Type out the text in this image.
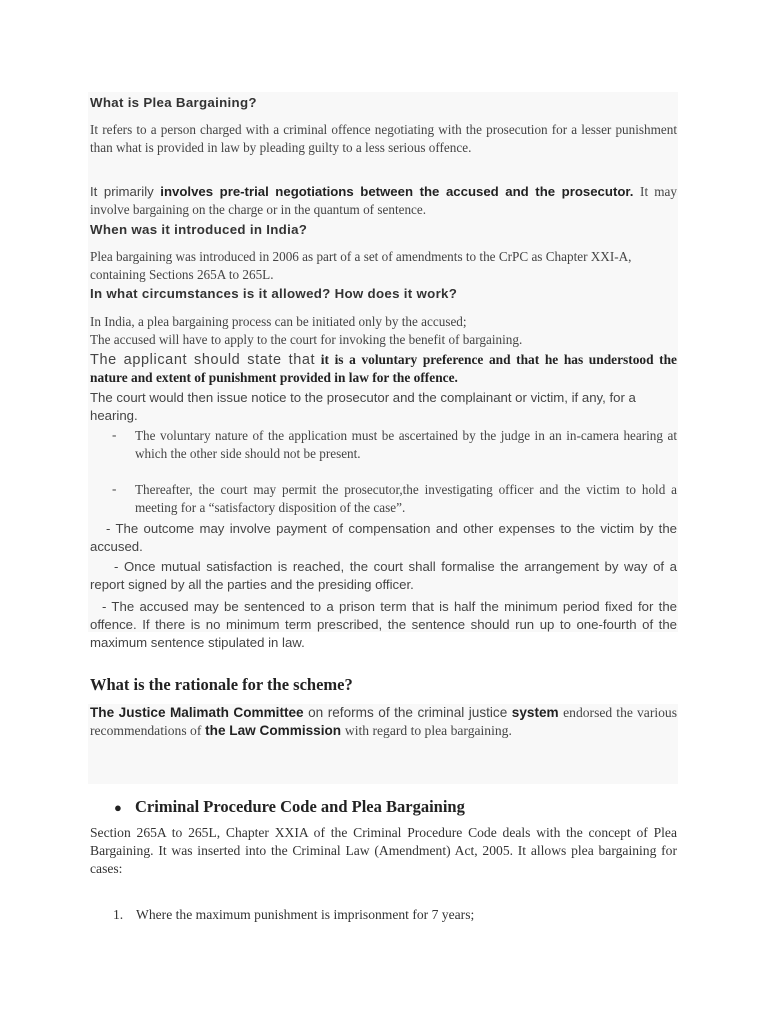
What is Plea Bargaining?

It refers to a person charged with a criminal offence negotiating with the prosecution for a lesser punishment than what is provided in law by pleading guilty to a less serious offence.

It primarily involves pre-trial negotiations between the accused and the prosecutor. It may involve bargaining on the charge or in the quantum of sentence.

When was it introduced in India?

Plea bargaining was introduced in 2006 as part of a set of amendments to the CrPC as Chapter XXI-A, containing Sections 265A to 265L.

In what circumstances is it allowed? How does it work?

In India, a plea bargaining process can be initiated only by the accused;

The accused will have to apply to the court for invoking the benefit of bargaining.

The applicant should state that it is a voluntary preference and that he has understood the nature and extent of punishment provided in law for the offence.

The court would then issue notice to the prosecutor and the complainant or victim, if any, for a hearing.

- The voluntary nature of the application must be ascertained by the judge in an in-camera hearing at which the other side should not be present.

- Thereafter, the court may permit the prosecutor,the investigating officer and the victim to hold a meeting for a “satisfactory disposition of the case”.

- The outcome may involve payment of compensation and other expenses to the victim by the accused.

- Once mutual satisfaction is reached, the court shall formalise the arrangement by way of a report signed by all the parties and the presiding officer.

- The accused may be sentenced to a prison term that is half the minimum period fixed for the offence. If there is no minimum term prescribed, the sentence should run up to one-fourth of the maximum sentence stipulated in law.

What is the rationale for the scheme?

The Justice Malimath Committee on reforms of the criminal justice system endorsed the various recommendations of the Law Commission with regard to plea bargaining.

● Criminal Procedure Code and Plea Bargaining

Section 265A to 265L, Chapter XXIA of the Criminal Procedure Code deals with the concept of Plea Bargaining. It was inserted into the Criminal Law (Amendment) Act, 2005. It allows plea bargaining for cases:

1. Where the maximum punishment is imprisonment for 7 years;
